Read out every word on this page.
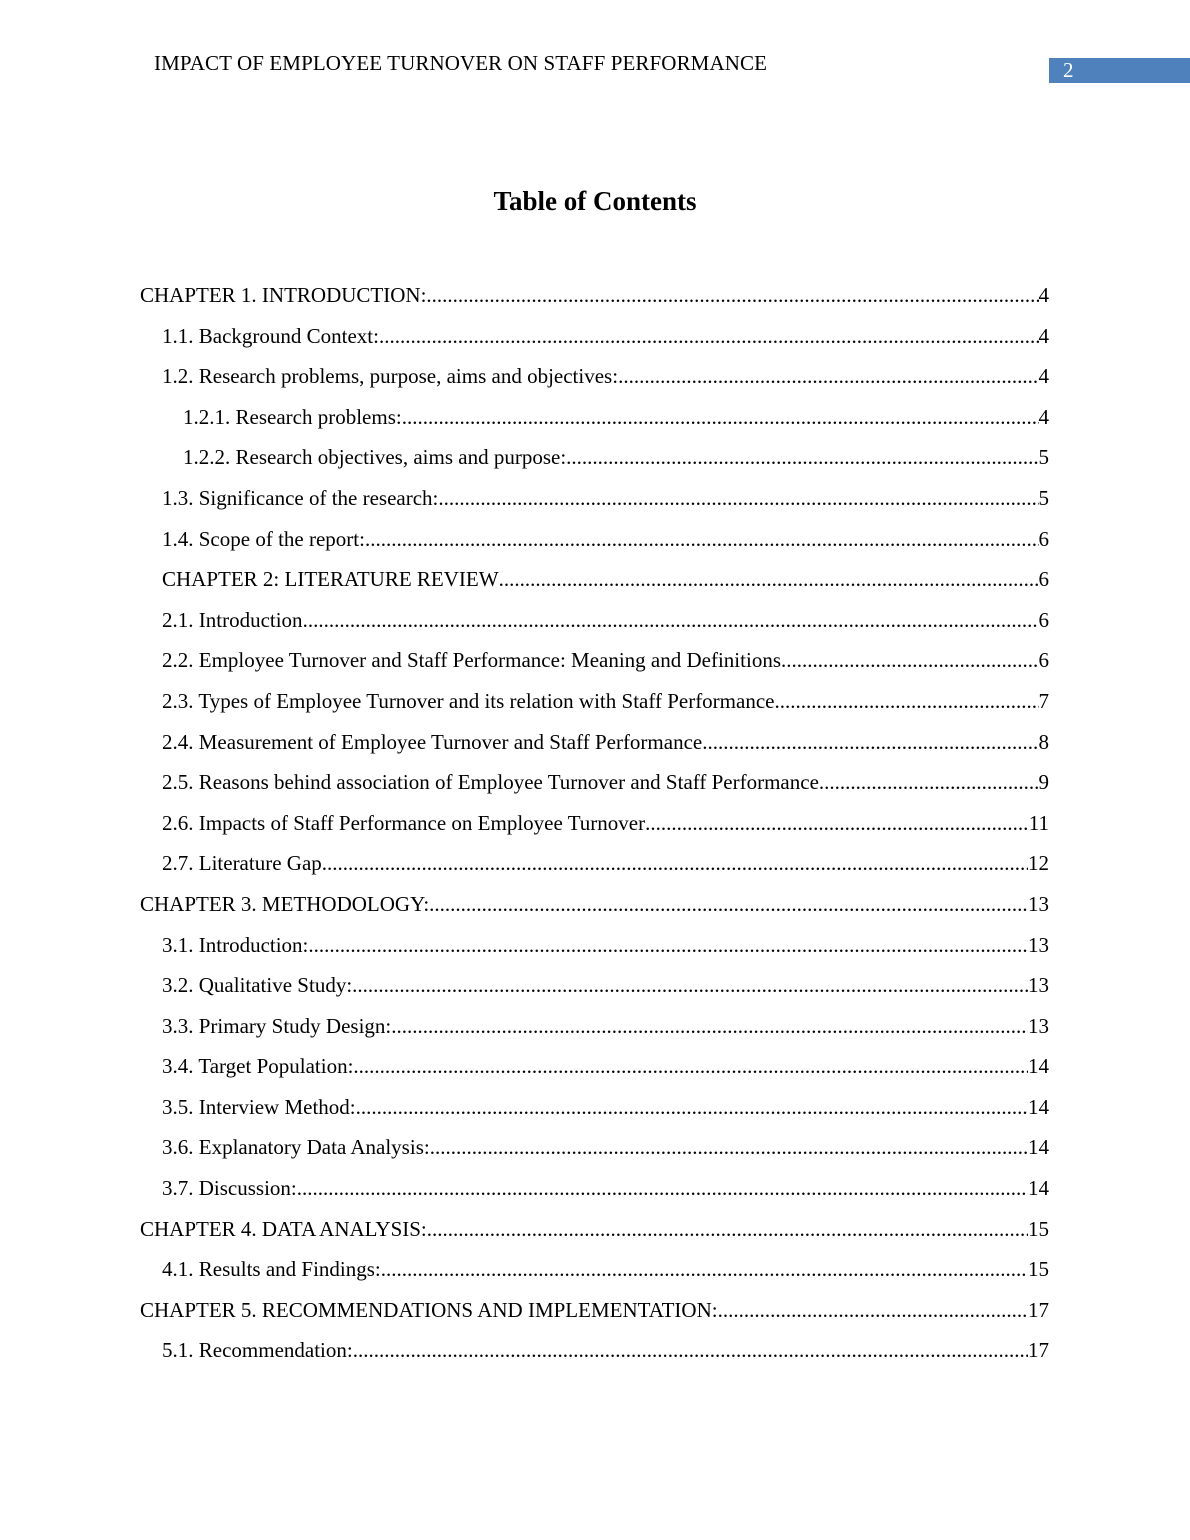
IMPACT OF EMPLOYEE TURNOVER ON STAFF PERFORMANCE	2
Table of Contents
CHAPTER 1. INTRODUCTION: .....	4
1.1. Background Context: .....	4
1.2. Research problems, purpose, aims and objectives: .....	4
1.2.1. Research problems: .....	4
1.2.2. Research objectives, aims and purpose: .....	5
1.3. Significance of the research: .....	5
1.4. Scope of the report: .....	6
CHAPTER 2: LITERATURE REVIEW .....	6
2.1. Introduction .....	6
2.2. Employee Turnover and Staff Performance: Meaning and Definitions .....	6
2.3. Types of Employee Turnover and its relation with Staff Performance .....	7
2.4. Measurement of Employee Turnover and Staff Performance .....	8
2.5. Reasons behind association of Employee Turnover and Staff Performance .....	9
2.6. Impacts of Staff Performance on Employee Turnover .....	11
2.7. Literature Gap .....	12
CHAPTER 3. METHODOLOGY: .....	13
3.1. Introduction: .....	13
3.2. Qualitative Study: .....	13
3.3. Primary Study Design: .....	13
3.4. Target Population: .....	14
3.5. Interview Method: .....	14
3.6. Explanatory Data Analysis: .....	14
3.7. Discussion: .....	14
CHAPTER 4. DATA ANALYSIS: .....	15
4.1. Results and Findings: .....	15
CHAPTER 5. RECOMMENDATIONS AND IMPLEMENTATION: .....	17
5.1. Recommendation: .....	17
